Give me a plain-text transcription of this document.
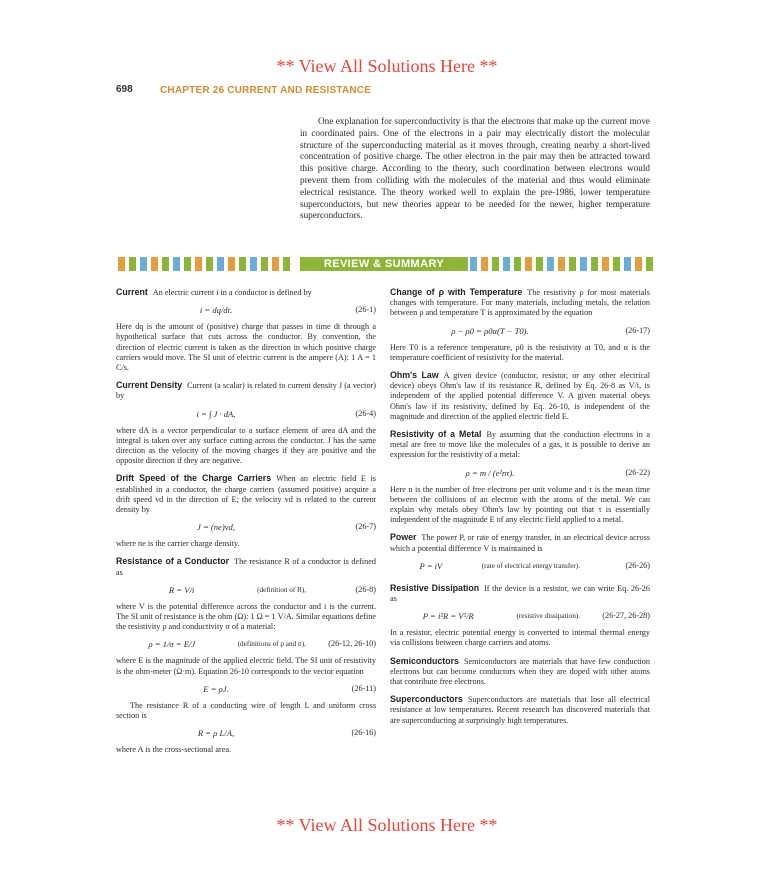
** View All Solutions Here **
698	CHAPTER 26 CURRENT AND RESISTANCE
One explanation for superconductivity is that the electrons that make up the current move in coordinated pairs. One of the electrons in a pair may electrically distort the molecular structure of the superconducting material as it moves through, creating nearby a short-lived concentration of positive charge. The other electron in the pair may then be attracted toward this positive charge. According to the theory, such coordination between electrons would prevent them from colliding with the molecules of the material and thus would eliminate electrical resistance. The theory worked well to explain the pre-1986, lower temperature superconductors, but new theories appear to be needed for the newer, higher temperature superconductors.
REVIEW & SUMMARY

Current An electric current i in a conductor is defined by

i = dq/dt.	(26-1)

Here dq is the amount of (positive) charge that passes in time dt through a hypothetical surface that cuts across the conductor. By convention, the direction of electric current is taken as the direction in which positive charge carriers would move. The SI unit of electric current is the ampere (A): 1 A = 1 C/s.

Current Density Current (a scalar) is related to current density J (a vector) by

i = ∫ J · dA,	(26-4)

where dA is a vector perpendicular to a surface element of area dA and the integral is taken over any surface cutting across the conductor. J has the same direction as the velocity of the moving charges if they are positive and the opposite direction if they are negative.

Drift Speed of the Charge Carriers When an electric field E is established in a conductor, the charge carriers (assumed positive) acquire a drift speed vd in the direction of E; the velocity vd is related to the current density by

J = (ne)vd,	(26-7)

where ne is the carrier charge density.

Resistance of a Conductor The resistance R of a conductor is defined as

R = V/i	(definition of R),	(26-8)

where V is the potential difference across the conductor and i is the current. The SI unit of resistance is the ohm (Ω): 1 Ω = 1 V/A. Similar equations define the resistivity ρ and conductivity σ of a material:

ρ = 1/σ = E/J	(definitions of ρ and σ),	(26-12, 26-10)

where E is the magnitude of the applied electric field. The SI unit of resistivity is the ohm-meter (Ω·m). Equation 26-10 corresponds to the vector equation

E = ρJ.	(26-11)

The resistance R of a conducting wire of length L and uniform cross section is

R = ρ L/A,	(26-16)

where A is the cross-sectional area.

Change of ρ with Temperature The resistivity ρ for most materials changes with temperature. For many materials, including metals, the relation between ρ and temperature T is approximated by the equation

ρ − ρ0 = ρ0α(T − T0).	(26-17)

Here T0 is a reference temperature, ρ0 is the resistivity at T0, and α is the temperature coefficient of resistivity for the material.

Ohm's Law A given device (conductor, resistor, or any other electrical device) obeys Ohm's law if its resistance R, defined by Eq. 26-8 as V/i, is independent of the applied potential difference V. A given material obeys Ohm's law if its resistivity, defined by Eq. 26-10, is independent of the magnitude and direction of the applied electric field E.

Resistivity of a Metal By assuming that the conduction electrons in a metal are free to move like the molecules of a gas, it is possible to derive an expression for the resistivity of a metal:

ρ = m / (e²nτ).	(26-22)

Here n is the number of free electrons per unit volume and τ is the mean time between the collisions of an electron with the atoms of the metal. We can explain why metals obey Ohm's law by pointing out that τ is essentially independent of the magnitude E of any electric field applied to a metal.

Power The power P, or rate of energy transfer, in an electrical device across which a potential difference V is maintained is

P = iV	(rate of electrical energy transfer).	(26-26)

Resistive Dissipation If the device is a resistor, we can write Eq. 26-26 as

P = i²R = V²/R	(resistive dissipation).	(26-27, 26-28)

In a resistor, electric potential energy is converted to internal thermal energy via collisions between charge carriers and atoms.

Semiconductors Semiconductors are materials that have few conduction electrons but can become conductors when they are doped with other atoms that contribute free electrons.

Superconductors Superconductors are materials that lose all electrical resistance at low temperatures. Recent research has discovered materials that are superconducting at surprisingly high temperatures.

** View All Solutions Here **
